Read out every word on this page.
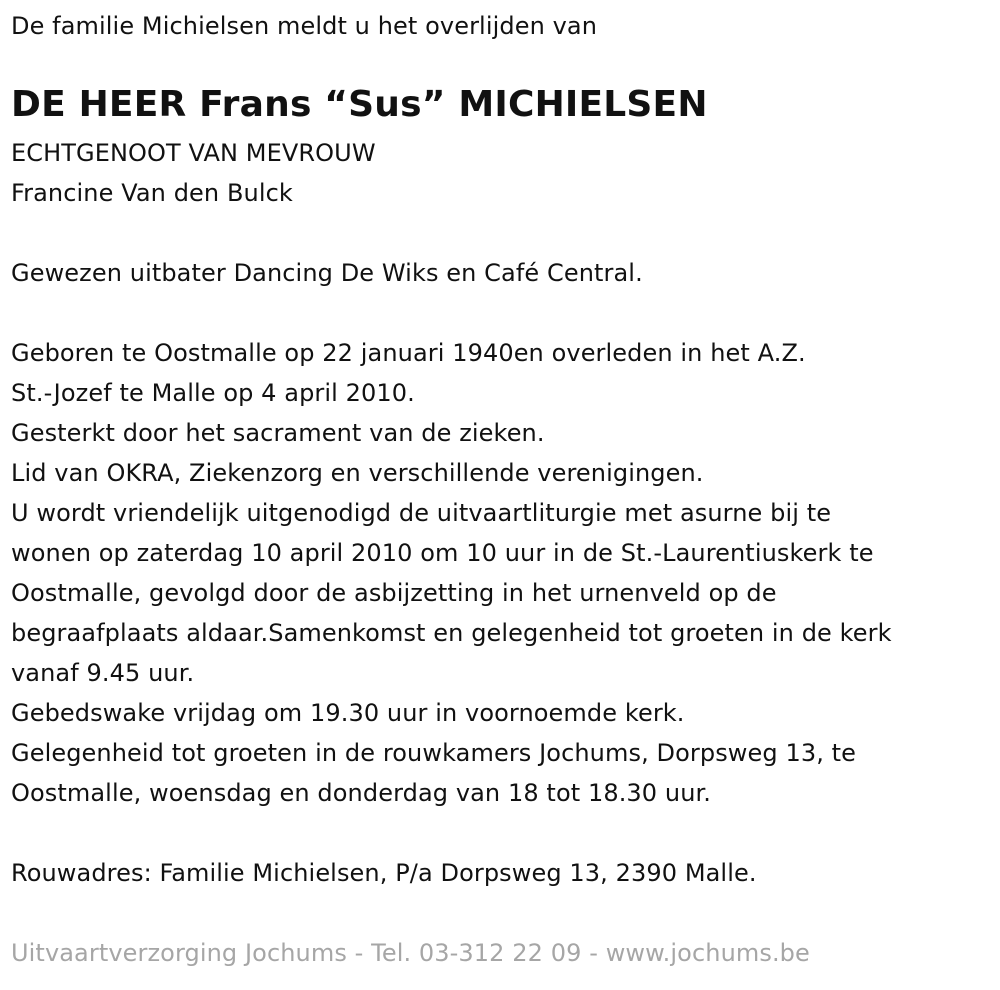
De familie Michielsen meldt u het overlijden van
DE HEER Frans “Sus” MICHIELSEN
ECHTGENOOT VAN MEVROUW
Francine Van den Bulck
Gewezen uitbater Dancing De Wiks en Café Central.
Geboren te Oostmalle op 22 januari 1940en overleden in het A.Z.
St.-Jozef te Malle op 4 april 2010.
Gesterkt door het sacrament van de zieken.
Lid van OKRA, Ziekenzorg en verschillende verenigingen.
U wordt vriendelijk uitgenodigd de uitvaartliturgie met asurne bij te
wonen op zaterdag 10 april 2010 om 10 uur in de St.-Laurentiuskerk te
Oostmalle, gevolgd door de asbijzetting in het urnenveld op de
begraafplaats aldaar.Samenkomst en gelegenheid tot groeten in de kerk
vanaf 9.45 uur.
Gebedswake vrijdag om 19.30 uur in voornoemde kerk.
Gelegenheid tot groeten in de rouwkamers Jochums, Dorpsweg 13, te
Oostmalle, woensdag en donderdag van 18 tot 18.30 uur.
Rouwadres: Familie Michielsen, P/a Dorpsweg 13, 2390 Malle.
Uitvaartverzorging Jochums - Tel. 03-312 22 09 - www.jochums.be
